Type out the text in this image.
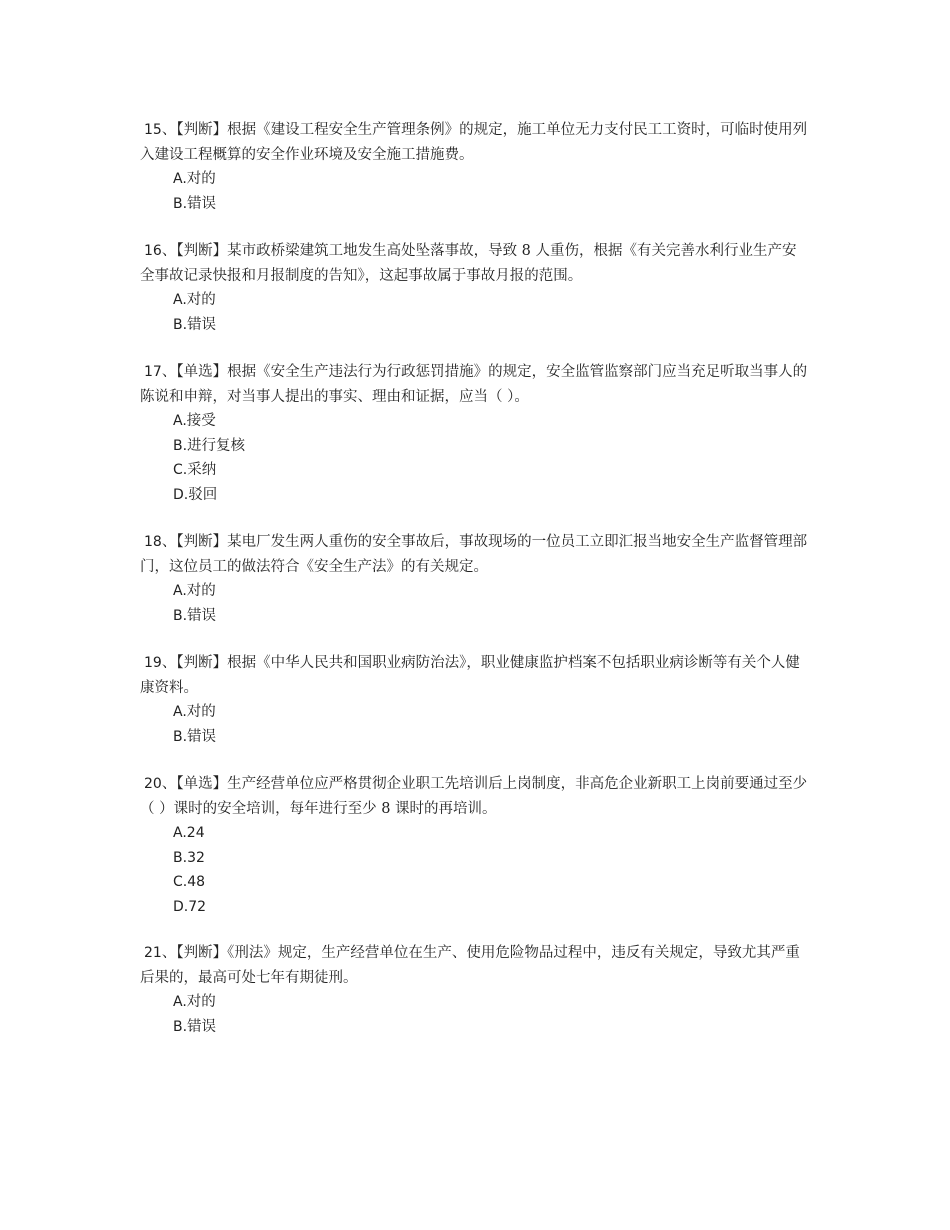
15、【判断】根据《建设工程安全生产管理条例》的规定，施工单位无力支付民工工资时，可临时使用列入建设工程概算的安全作业环境及安全施工措施费。

A.对的
B.错误

16、【判断】某市政桥梁建筑工地发生高处坠落事故，导致 8 人重伤，根据《有关完善水利行业生产安全事故记录快报和月报制度的告知》，这起事故属于事故月报的范围。

A.对的
B.错误

17、【单选】根据《安全生产违法行为行政惩罚措施》的规定，安全监管监察部门应当充足听取当事人的陈说和申辩，对当事人提出的事实、理由和证据，应当（ ）。

A.接受
B.进行复核
C.采纳
D.驳回

18、【判断】某电厂发生两人重伤的安全事故后，事故现场的一位员工立即汇报当地安全生产监督管理部门，这位员工的做法符合《安全生产法》的有关规定。

A.对的
B.错误

19、【判断】根据《中华人民共和国职业病防治法》，职业健康监护档案不包括职业病诊断等有关个人健康资料。

A.对的
B.错误

20、【单选】生产经营单位应严格贯彻企业职工先培训后上岗制度，非高危企业新职工上岗前要通过至少（ ）课时的安全培训，每年进行至少 8 课时的再培训。

A.24
B.32
C.48
D.72

21、【判断】《刑法》规定，生产经营单位在生产、使用危险物品过程中，违反有关规定，导致尤其严重后果的，最高可处七年有期徒刑。

A.对的
B.错误
